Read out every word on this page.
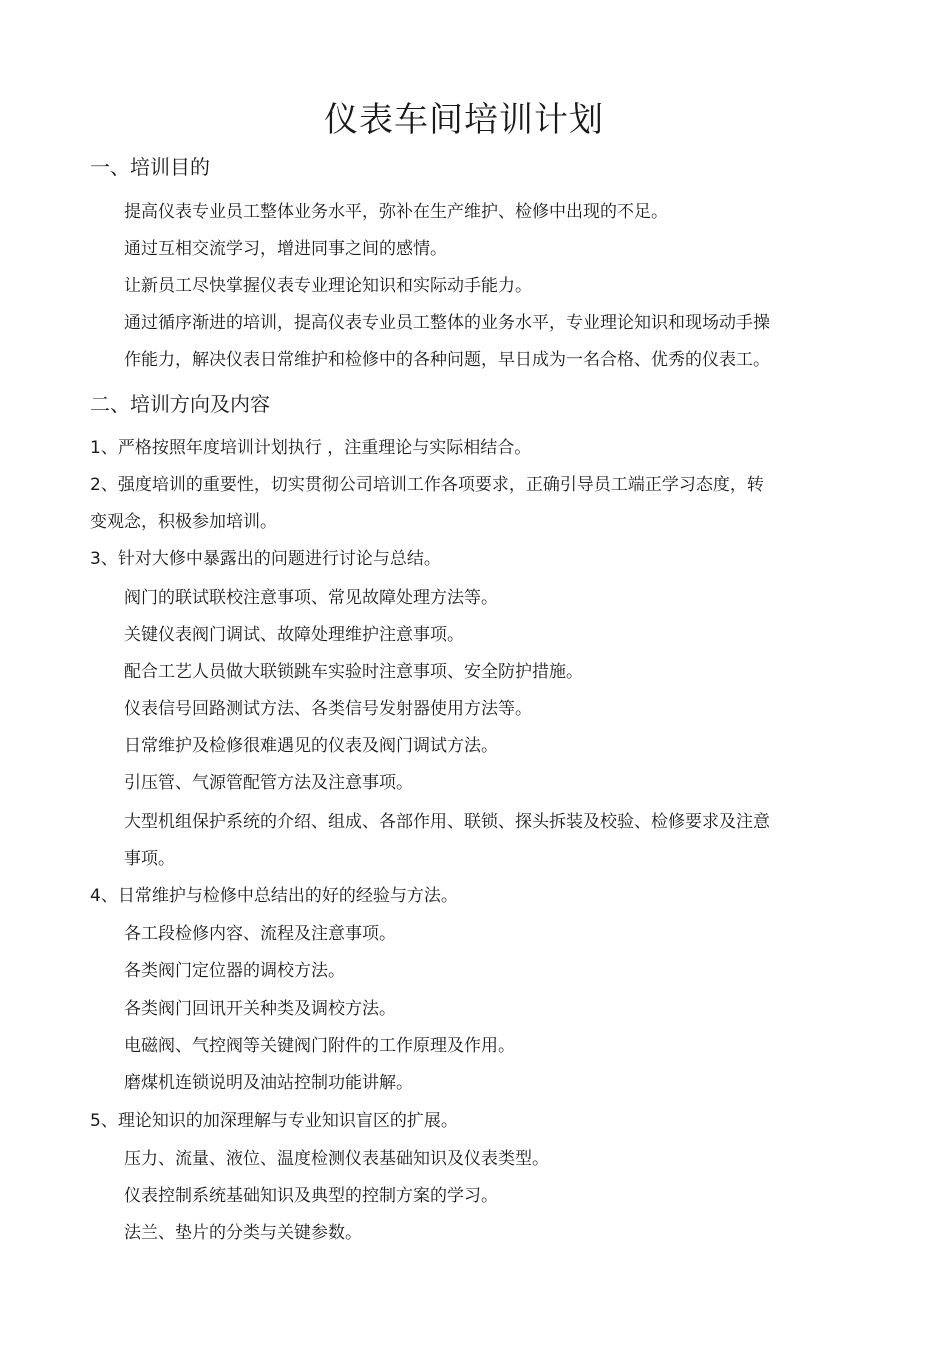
仪表车间培训计划
一、培训目的
提高仪表专业员工整体业务水平，弥补在生产维护、检修中出现的不足。
通过互相交流学习，增进同事之间的感情。
让新员工尽快掌握仪表专业理论知识和实际动手能力。
通过循序渐进的培训，提高仪表专业员工整体的业务水平，专业理论知识和现场动手操
作能力，解决仪表日常维护和检修中的各种问题，早日成为一名合格、优秀的仪表工。
二、培训方向及内容
1、严格按照年度培训计划执行 ，注重理论与实际相结合。
2、强度培训的重要性，切实贯彻公司培训工作各项要求，正确引导员工端正学习态度，转
变观念，积极参加培训。
3、针对大修中暴露出的问题进行讨论与总结。
阀门的联试联校注意事项、常见故障处理方法等。
关键仪表阀门调试、故障处理维护注意事项。
配合工艺人员做大联锁跳车实验时注意事项、安全防护措施。
仪表信号回路测试方法、各类信号发射器使用方法等。
日常维护及检修很难遇见的仪表及阀门调试方法。
引压管、气源管配管方法及注意事项。
大型机组保护系统的介绍、组成、各部作用、联锁、探头拆装及校验、检修要求及注意
事项。
4、日常维护与检修中总结出的好的经验与方法。
各工段检修内容、流程及注意事项。
各类阀门定位器的调校方法。
各类阀门回讯开关种类及调校方法。
电磁阀、气控阀等关键阀门附件的工作原理及作用。
磨煤机连锁说明及油站控制功能讲解。
5、理论知识的加深理解与专业知识盲区的扩展。
压力、流量、液位、温度检测仪表基础知识及仪表类型。
仪表控制系统基础知识及典型的控制方案的学习。
法兰、垫片的分类与关键参数。
